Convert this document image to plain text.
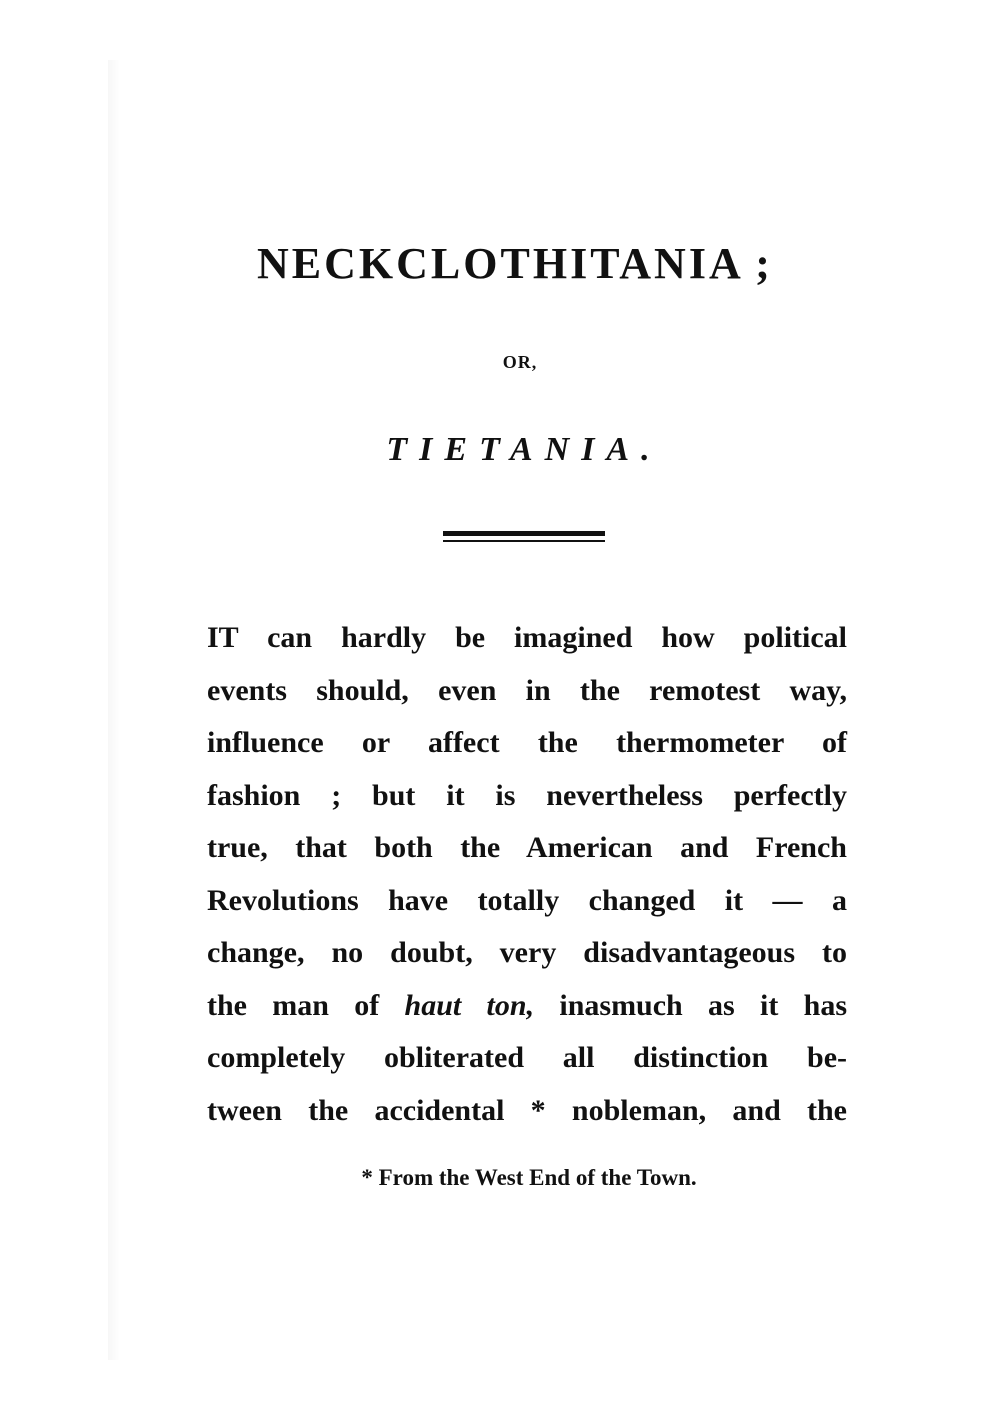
NECKCLOTHITANIA ;
OR,
TIETANIA.
IT can hardly be imagined how political
events should, even in the remotest way,
influence or affect the thermometer of
fashion ; but it is nevertheless perfectly
true, that both the American and French
Revolutions have totally changed it — a
change, no doubt, very disadvantageous to
the man of haut ton, inasmuch as it has
completely obliterated all distinction be-
tween the accidental * nobleman, and the
* From the West End of the Town.
